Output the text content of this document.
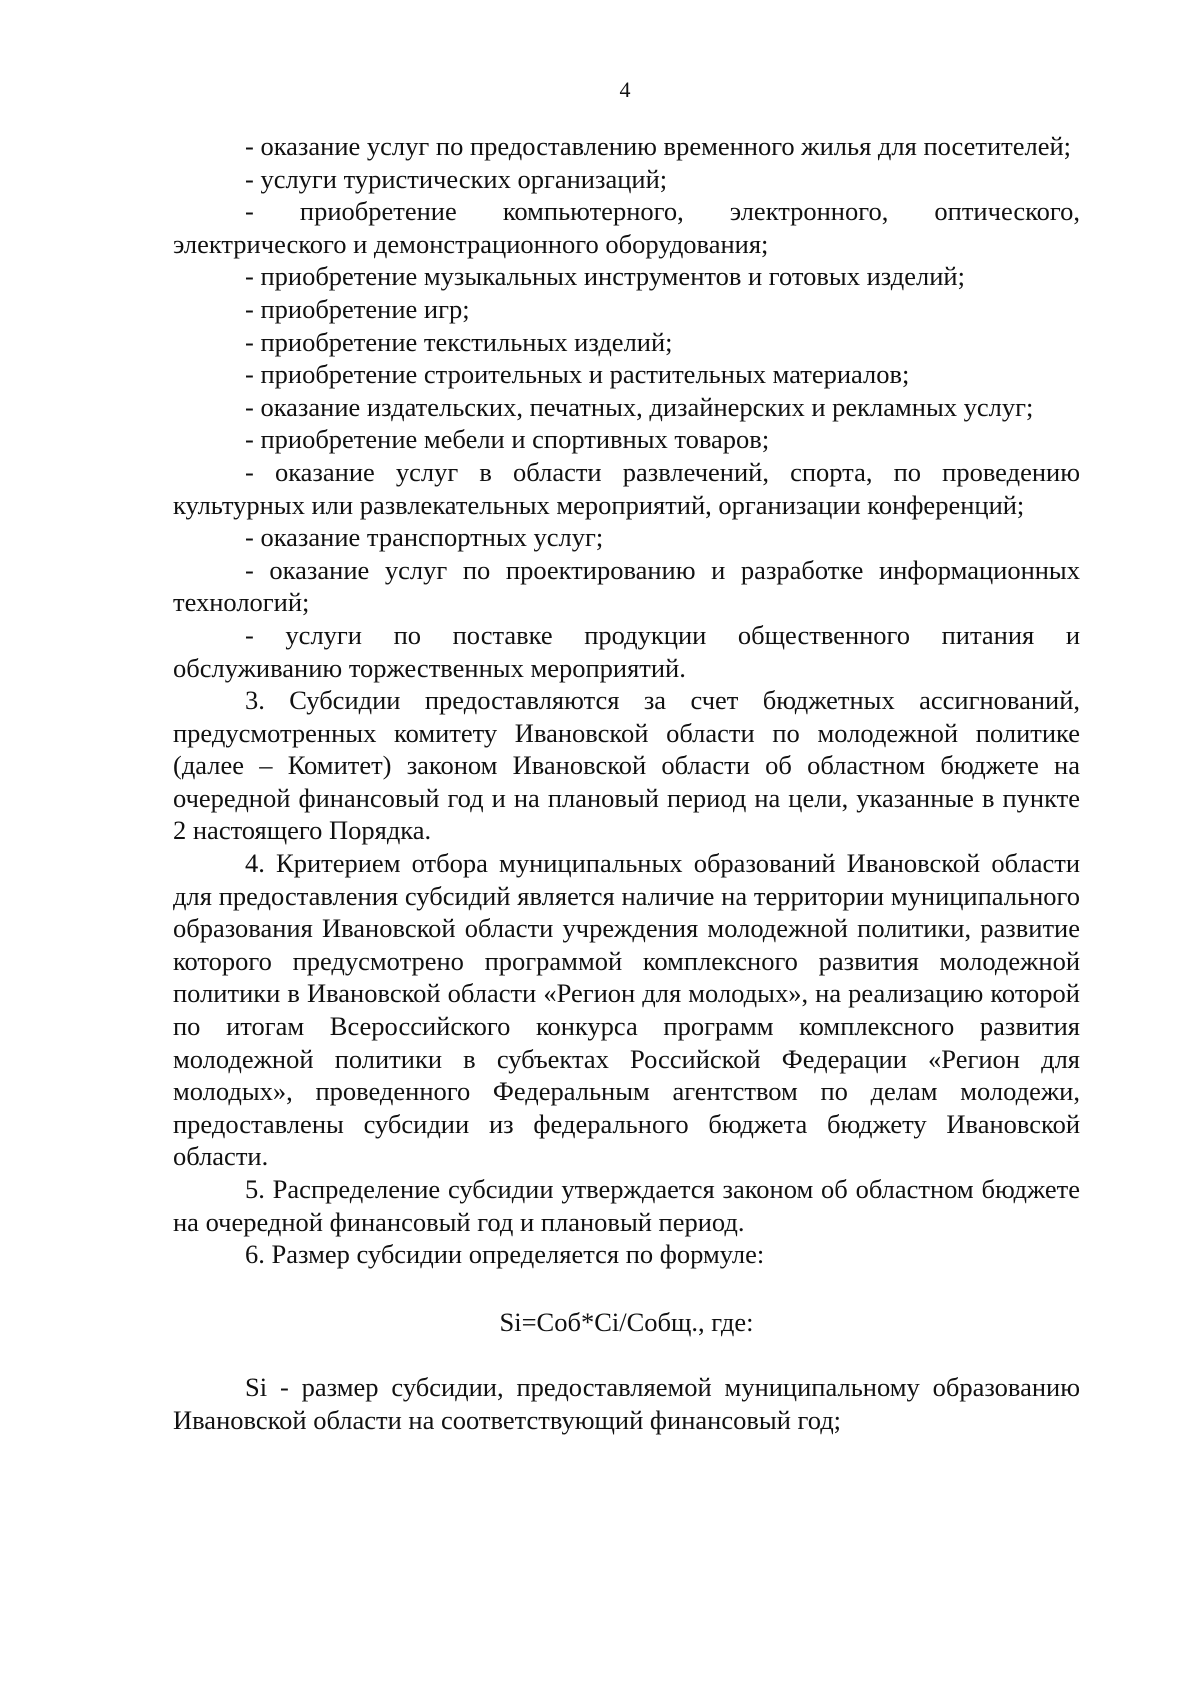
4

- оказание услуг по предоставлению временного жилья для посетителей;

- услуги туристических организаций;

- приобретение компьютерного, электронного, оптического, электрического и демонстрационного оборудования;

- приобретение музыкальных инструментов и готовых изделий;

- приобретение игр;

- приобретение текстильных изделий;

- приобретение строительных и растительных материалов;

- оказание издательских, печатных, дизайнерских и рекламных услуг;

- приобретение мебели и спортивных товаров;

- оказание услуг в области развлечений, спорта, по проведению культурных или развлекательных мероприятий, организации конференций;

- оказание транспортных услуг;

- оказание услуг по проектированию и разработке информационных технологий;

- услуги по поставке продукции общественного питания и обслуживанию торжественных мероприятий.

3. Субсидии предоставляются за счет бюджетных ассигнований, предусмотренных комитету Ивановской области по молодежной политике (далее – Комитет) законом Ивановской области об областном бюджете на очередной финансовый год и на плановый период на цели, указанные в пункте 2 настоящего Порядка.

4. Критерием отбора муниципальных образований Ивановской области для предоставления субсидий является наличие на территории муниципального образования Ивановской области учреждения молодежной политики, развитие которого предусмотрено программой комплексного развития молодежной политики в Ивановской области «Регион для молодых», на реализацию которой по итогам Всероссийского конкурса программ комплексного развития молодежной политики в субъектах Российской Федерации «Регион для молодых», проведенного Федеральным агентством по делам молодежи, предоставлены субсидии из федерального бюджета бюджету Ивановской области.

5. Распределение субсидии утверждается законом об областном бюджете на очередной финансовый год и плановый период.

6. Размер субсидии определяется по формуле:

Si=Соб*Ci/Собщ., где:

Si - размер субсидии, предоставляемой муниципальному образованию Ивановской области на соответствующий финансовый год;
